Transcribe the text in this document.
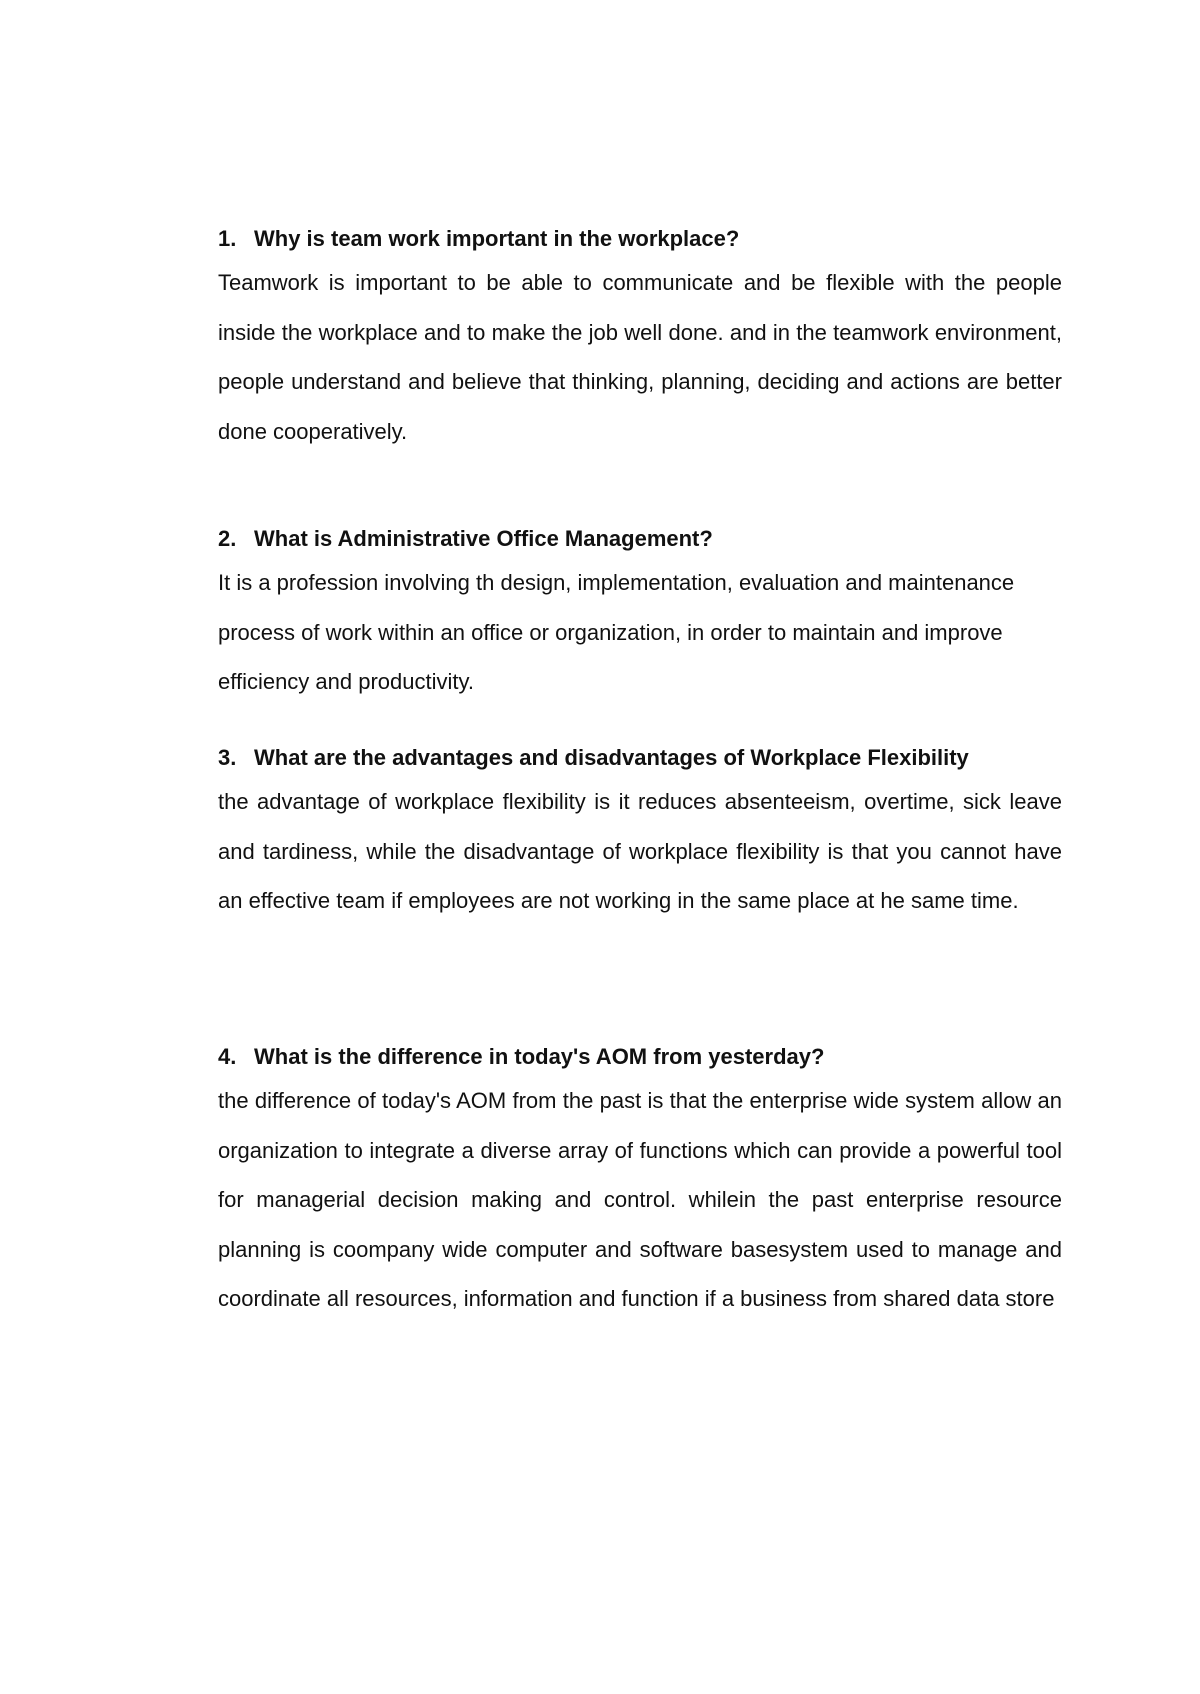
1. Why is team work important in the workplace?

Teamwork is important to be able to communicate and be flexible with the people inside the workplace and to make the job well done. and in the teamwork environment, people understand and believe that thinking, planning, deciding and actions are better done cooperatively.

2. What is Administrative Office Management?

It is a profession involving th design, implementation, evaluation and maintenance process of work within an office or organization, in order to maintain and improve efficiency and productivity.

3. What are the advantages and disadvantages of Workplace Flexibility

the advantage of workplace flexibility is it reduces absenteeism, overtime, sick leave and tardiness, while the disadvantage of workplace flexibility is that you cannot have an effective team if employees are not working in the same place at he same time.

4. What is the difference in today's AOM from yesterday?

the difference of today's AOM from the past is that the enterprise wide system allow an organization to integrate a diverse array of functions which can provide a powerful tool for managerial decision making and control. whilein the past enterprise resource planning is coompany wide computer and software basesystem used to manage and coordinate all resources, information and function if a business from shared data store
